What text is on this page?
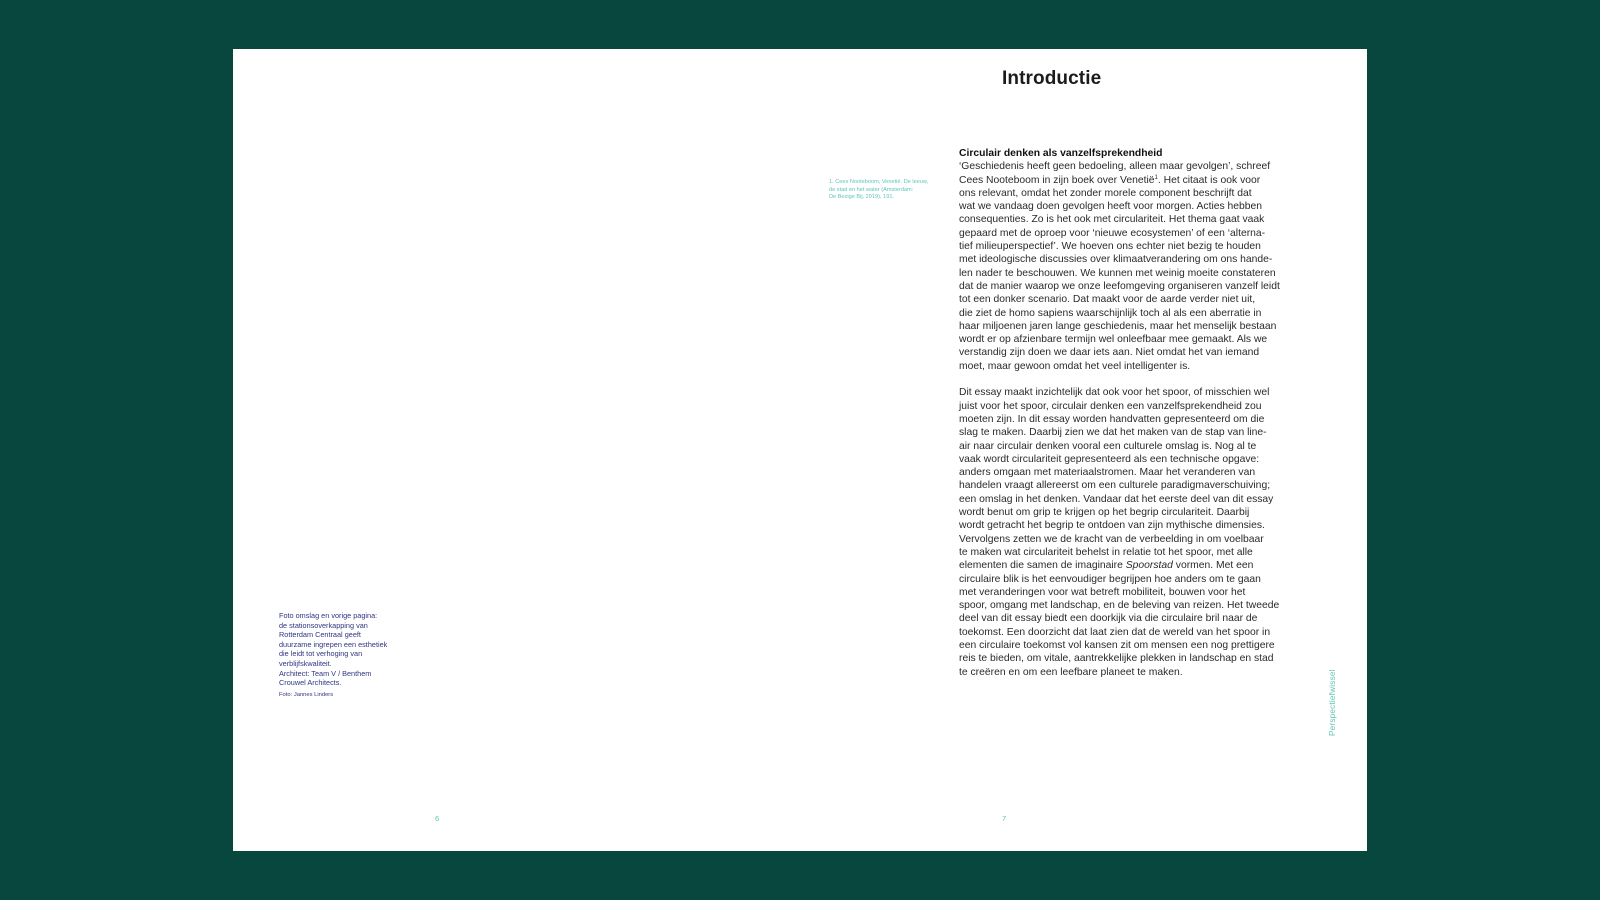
Introductie
1. Cees Nooteboom, Venetië. De leeuw,
de stad en het water (Amsterdam:
De Bezige Bij, 2019), 191.
Circulair denken als vanzelfsprekendheid
‘Geschiedenis heeft geen bedoeling, alleen maar gevolgen’, schreef
Cees Nooteboom in zijn boek over Venetië$^1$. Het citaat is ook voor
ons relevant, omdat het zonder morele component beschrijft dat
wat we vandaag doen gevolgen heeft voor morgen. Acties hebben
consequenties. Zo is het ook met circulariteit. Het thema gaat vaak
gepaard met de oproep voor ‘nieuwe ecosystemen’ of een ‘alterna-
tief milieuperspectief’. We hoeven ons echter niet bezig te houden
met ideologische discussies over klimaatverandering om ons hande-
len nader te beschouwen. We kunnen met weinig moeite constateren
dat de manier waarop we onze leefomgeving organiseren vanzelf leidt
tot een donker scenario. Dat maakt voor de aarde verder niet uit,
die ziet de homo sapiens waarschijnlijk toch al als een aberratie in
haar miljoenen jaren lange geschiedenis, maar het menselijk bestaan
wordt er op afzienbare termijn wel onleefbaar mee gemaakt. Als we
verstandig zijn doen we daar iets aan. Niet omdat het van iemand
moet, maar gewoon omdat het veel intelligenter is.
Dit essay maakt inzichtelijk dat ook voor het spoor, of misschien wel
juist voor het spoor, circulair denken een vanzelfsprekendheid zou
moeten zijn. In dit essay worden handvatten gepresenteerd om die
slag te maken. Daarbij zien we dat het maken van de stap van line-
air naar circulair denken vooral een culturele omslag is. Nog al te
vaak wordt circulariteit gepresenteerd als een technische opgave:
anders omgaan met materiaalstromen. Maar het veranderen van
handelen vraagt allereerst om een culturele paradigmaverschuiving;
een omslag in het denken. Vandaar dat het eerste deel van dit essay
wordt benut om grip te krijgen op het begrip circulariteit. Daarbij
wordt getracht het begrip te ontdoen van zijn mythische dimensies.
Vervolgens zetten we de kracht van de verbeelding in om voelbaar
te maken wat circulariteit behelst in relatie tot het spoor, met alle
elementen die samen de imaginaire Spoorstad vormen. Met een
circulaire blik is het eenvoudiger begrijpen hoe anders om te gaan
met veranderingen voor wat betreft mobiliteit, bouwen voor het
spoor, omgang met landschap, en de beleving van reizen. Het tweede
deel van dit essay biedt een doorkijk via die circulaire bril naar de
toekomst. Een doorzicht dat laat zien dat de wereld van het spoor in
een circulaire toekomst vol kansen zit om mensen een nog prettigere
reis te bieden, om vitale, aantrekkelijke plekken in landschap en stad
te creëren en om een leefbare planeet te maken.
Foto omslag en vorige pagina:
de stationsoverkapping van
Rotterdam Centraal geeft
duurzame ingrepen een esthetiek
die leidt tot verhoging van
verblijfskwaliteit.
Architect: Team V / Benthem
Crouwel Architects.
Foto: Jannes Linders
6	7
Perspectiefwissel
